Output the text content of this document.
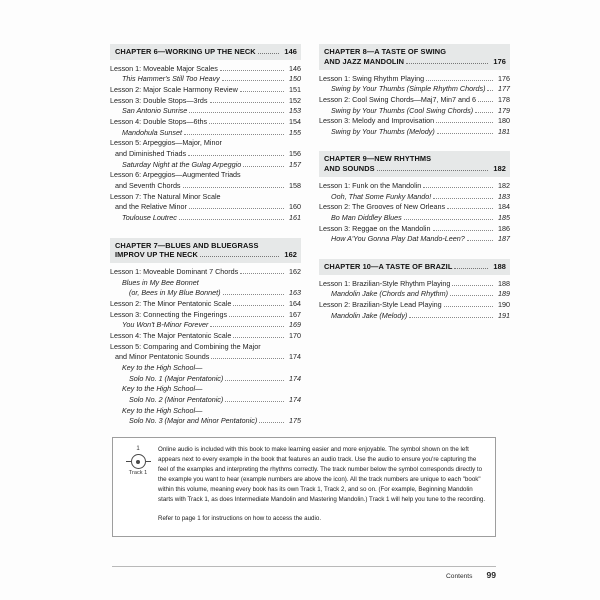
CHAPTER 6—WORKING UP THE NECK	146
Lesson 1: Moveable Major Scales	146
This Hammer's Still Too Heavy	150
Lesson 2: Major Scale Harmony Review	151
Lesson 3: Double Stops—3rds	152
San Antonio Sunrise	153
Lesson 4: Double Stops—6ths	154
Mandohula Sunset	155
Lesson 5: Arpeggios—Major, Minor
and Diminished Triads	156
Saturday Night at the Gulag Arpeggio	157
Lesson 6: Arpeggios—Augmented Triads
and Seventh Chords	158
Lesson 7: The Natural Minor Scale
and the Relative Minor	160
Toulouse Loutrec	161
CHAPTER 7—BLUES AND BLUEGRASS
IMPROV UP THE NECK	162
Lesson 1: Moveable Dominant 7 Chords	162
Blues in My Bee Bonnet
(or, Bees in My Blue Bonnet)	163
Lesson 2: The Minor Pentatonic Scale	164
Lesson 3: Connecting the Fingerings	167
You Won't B-Minor Forever	169
Lesson 4: The Major Pentatonic Scale	170
Lesson 5: Comparing and Combining the Major
and Minor Pentatonic Sounds	174
Key to the High School—
Solo No. 1 (Major Pentatonic)	174
Key to the High School—
Solo No. 2 (Minor Pentatonic)	174
Key to the High School—
Solo No. 3 (Major and Minor Pentatonic)	175
CHAPTER 8—A TASTE OF SWING
AND JAZZ MANDOLIN	176
Lesson 1: Swing Rhythm Playing	176
Swing by Your Thumbs (Simple Rhythm Chords)	177
Lesson 2: Cool Swing Chords—Maj7, Min7 and 6	178
Swing by Your Thumbs (Cool Swing Chords)	179
Lesson 3: Melody and Improvisation	180
Swing by Your Thumbs (Melody)	181
CHAPTER 9—NEW RHYTHMS
AND SOUNDS	182
Lesson 1: Funk on the Mandolin	182
Ooh, That Some Funky Mando!	183
Lesson 2: The Grooves of New Orleans	184
Bo Man Diddley Blues	185
Lesson 3: Reggae on the Mandolin	186
How A'You Gonna Play Dat Mando-Leen?	187
CHAPTER 10—A TASTE OF BRAZIL	188
Lesson 1: Brazilian-Style Rhythm Playing	188
Mandolin Jake (Chords and Rhythm)	189
Lesson 2: Brazilian-Style Lead Playing	190
Mandolin Jake (Melody)	191
1
Track 1

Online audio is included with this book to make learning easier and more enjoyable. The symbol shown on the left appears next to every example in the book that features an audio track. Use the audio to ensure you're capturing the feel of the examples and interpreting the rhythms correctly. The track number below the symbol corresponds directly to the example you want to hear (example numbers are above the icon). All the track numbers are unique to each "book" within this volume, meaning every book has its own Track 1, Track 2, and so on. (For example, Beginning Mandolin starts with Track 1, as does Intermediate Mandolin and Mastering Mandolin.) Track 1 will help you tune to the recording.

Refer to page 1 for instructions on how to access the audio.

Contents 99
